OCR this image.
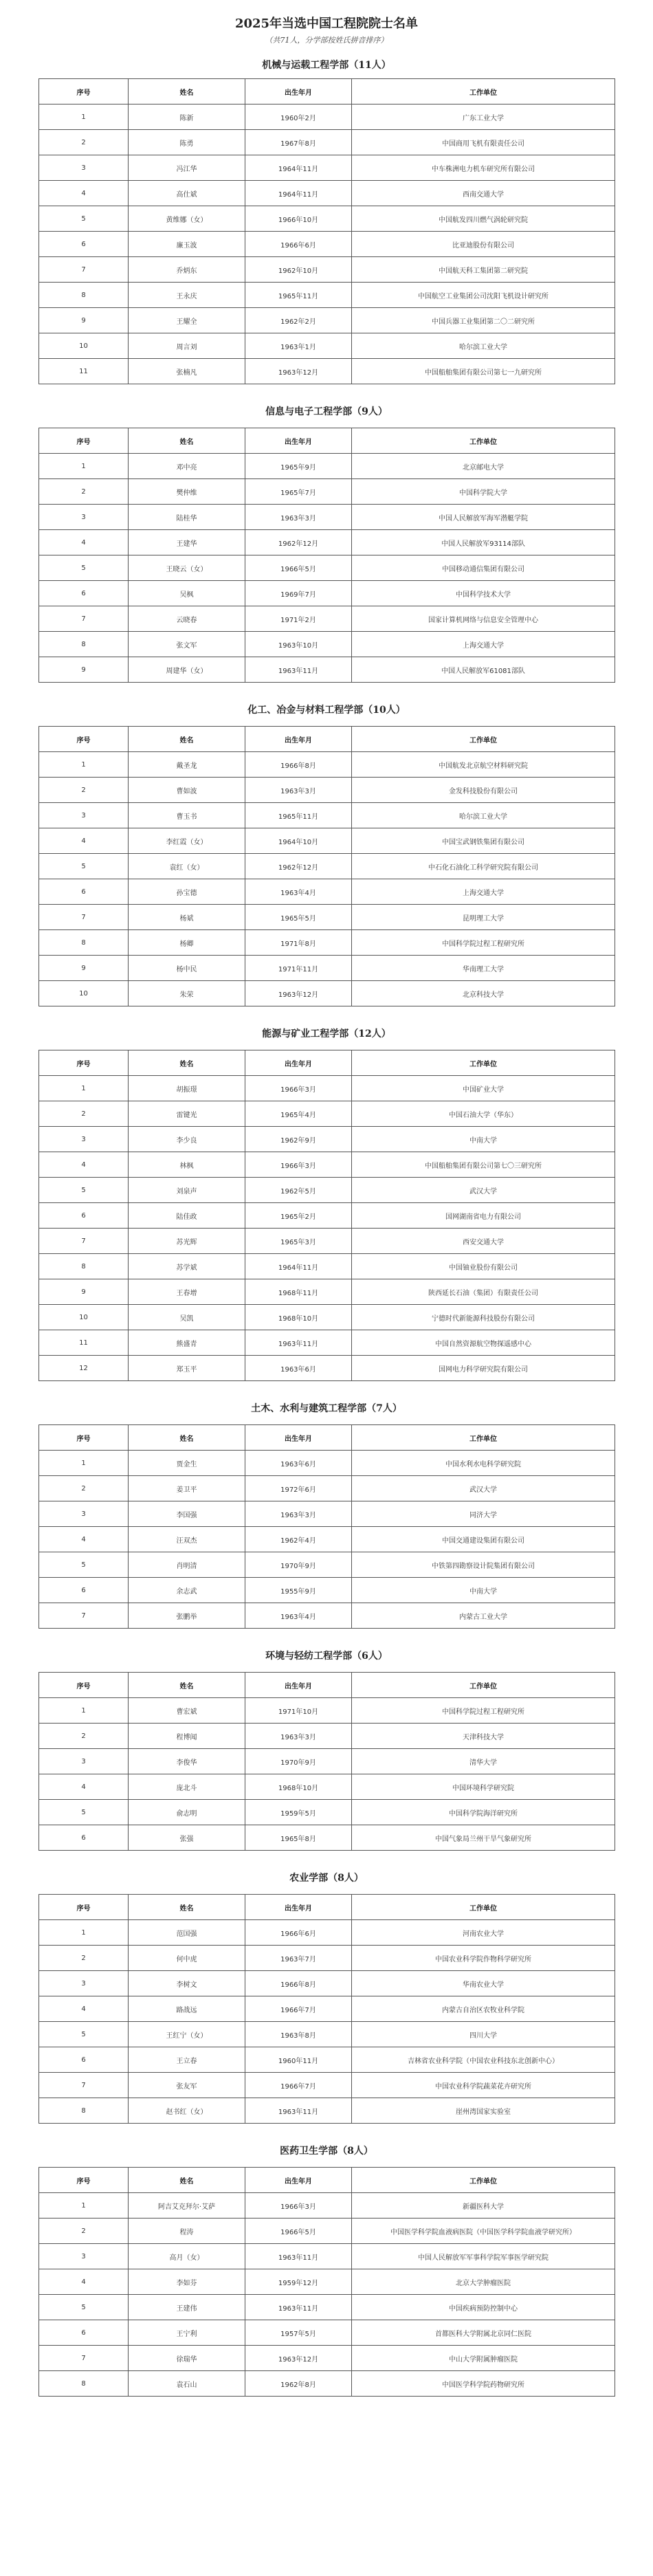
2025年当选中国工程院院士名单
（共71人，分学部按姓氏拼音排序）
机械与运载工程学部（11人）
序号	姓名	出生年月	工作单位
1	陈新	1960年2月	广东工业大学
2	陈勇	1967年8月	中国商用飞机有限责任公司
3	冯江华	1964年11月	中车株洲电力机车研究所有限公司
4	高仕斌	1964年11月	西南交通大学
5	黄维娜（女）	1966年10月	中国航发四川燃气涡轮研究院
6	廉玉波	1966年6月	比亚迪股份有限公司
7	乔炳东	1962年10月	中国航天科工集团第二研究院
8	王永庆	1965年11月	中国航空工业集团公司沈阳飞机设计研究所
9	王耀全	1962年2月	中国兵器工业集团第二〇二研究所
10	周言刘	1963年1月	哈尔滨工业大学
11	张楠凡	1963年12月	中国船舶集团有限公司第七一九研究所
信息与电子工程学部（9人）
序号	姓名	出生年月	工作单位
1	邓中亮	1965年9月	北京邮电大学
2	樊仲维	1965年7月	中国科学院大学
3	陆桂华	1963年3月	中国人民解放军海军潜艇学院
4	王建华	1962年12月	中国人民解放军93114部队
5	王晓云（女）	1966年5月	中国移动通信集团有限公司
6	吴枫	1969年7月	中国科学技术大学
7	云晓春	1971年2月	国家计算机网络与信息安全管理中心
8	张文军	1963年10月	上海交通大学
9	周建华（女）	1963年11月	中国人民解放军61081部队
化工、冶金与材料工程学部（10人）
序号	姓名	出生年月	工作单位
1	戴圣龙	1966年8月	中国航发北京航空材料研究院
2	曹如波	1963年3月	金发科技股份有限公司
3	曹玉书	1965年11月	哈尔滨工业大学
4	李红霞（女）	1964年10月	中国宝武钢铁集团有限公司
5	袁红（女）	1962年12月	中石化石油化工科学研究院有限公司
6	孙宝德	1963年4月	上海交通大学
7	杨斌	1965年5月	昆明理工大学
8	杨卿	1971年8月	中国科学院过程工程研究所
9	杨中民	1971年11月	华南理工大学
10	朱荣	1963年12月	北京科技大学
能源与矿业工程学部（12人）
序号	姓名	出生年月	工作单位
1	胡振璟	1966年3月	中国矿业大学
2	雷键光	1965年4月	中国石油大学（华东）
3	李少良	1962年9月	中南大学
4	林枫	1966年3月	中国船舶集团有限公司第七〇三研究所
5	刘泉声	1962年5月	武汉大学
6	陆佳政	1965年2月	国网湖南省电力有限公司
7	苏光辉	1965年3月	西安交通大学
8	苏学斌	1964年11月	中国铀业股份有限公司
9	王春增	1968年11月	陕西延长石油（集团）有限责任公司
10	吴凯	1968年10月	宁德时代新能源科技股份有限公司
11	熊盛青	1963年11月	中国自然资源航空物探遥感中心
12	郑玉平	1963年6月	国网电力科学研究院有限公司
土木、水利与建筑工程学部（7人）
序号	姓名	出生年月	工作单位
1	贾金生	1963年6月	中国水利水电科学研究院
2	姜卫平	1972年6月	武汉大学
3	李国强	1963年3月	同济大学
4	汪双杰	1962年4月	中国交通建设集团有限公司
5	肖明清	1970年9月	中铁第四勘察设计院集团有限公司
6	余志武	1955年9月	中南大学
7	张鹏举	1963年4月	内蒙古工业大学
环境与轻纺工程学部（6人）
序号	姓名	出生年月	工作单位
1	曹宏斌	1971年10月	中国科学院过程工程研究所
2	程博闻	1963年3月	天津科技大学
3	李俊华	1970年9月	清华大学
4	庞北斗	1968年10月	中国环境科学研究院
5	俞志明	1959年5月	中国科学院海洋研究所
6	张强	1965年8月	中国气象局兰州干旱气象研究所
农业学部（8人）
序号	姓名	出生年月	工作单位
1	范国强	1966年6月	河南农业大学
2	何中虎	1963年7月	中国农业科学院作物科学研究所
3	李树文	1966年8月	华南农业大学
4	路战远	1966年7月	内蒙古自治区农牧业科学院
5	王红宁（女）	1963年8月	四川大学
6	王立春	1960年11月	吉林省农业科学院（中国农业科技东北创新中心）
7	张友军	1966年7月	中国农业科学院蔬菜花卉研究所
8	赵书红（女）	1963年11月	崖州湾国家实验室
医药卫生学部（8人）
序号	姓名	出生年月	工作单位
1	阿吉艾克拜尔·艾萨	1966年3月	新疆医科大学
2	程涛	1966年5月	中国医学科学院血液病医院（中国医学科学院血液学研究所）
3	高月（女）	1963年11月	中国人民解放军军事科学院军事医学研究院
4	李如芬	1959年12月	北京大学肿瘤医院
5	王建伟	1963年11月	中国疾病预防控制中心
6	王宁利	1957年5月	首都医科大学附属北京同仁医院
7	徐瑞华	1963年12月	中山大学附属肿瘤医院
8	袁石山	1962年8月	中国医学科学院药物研究所
